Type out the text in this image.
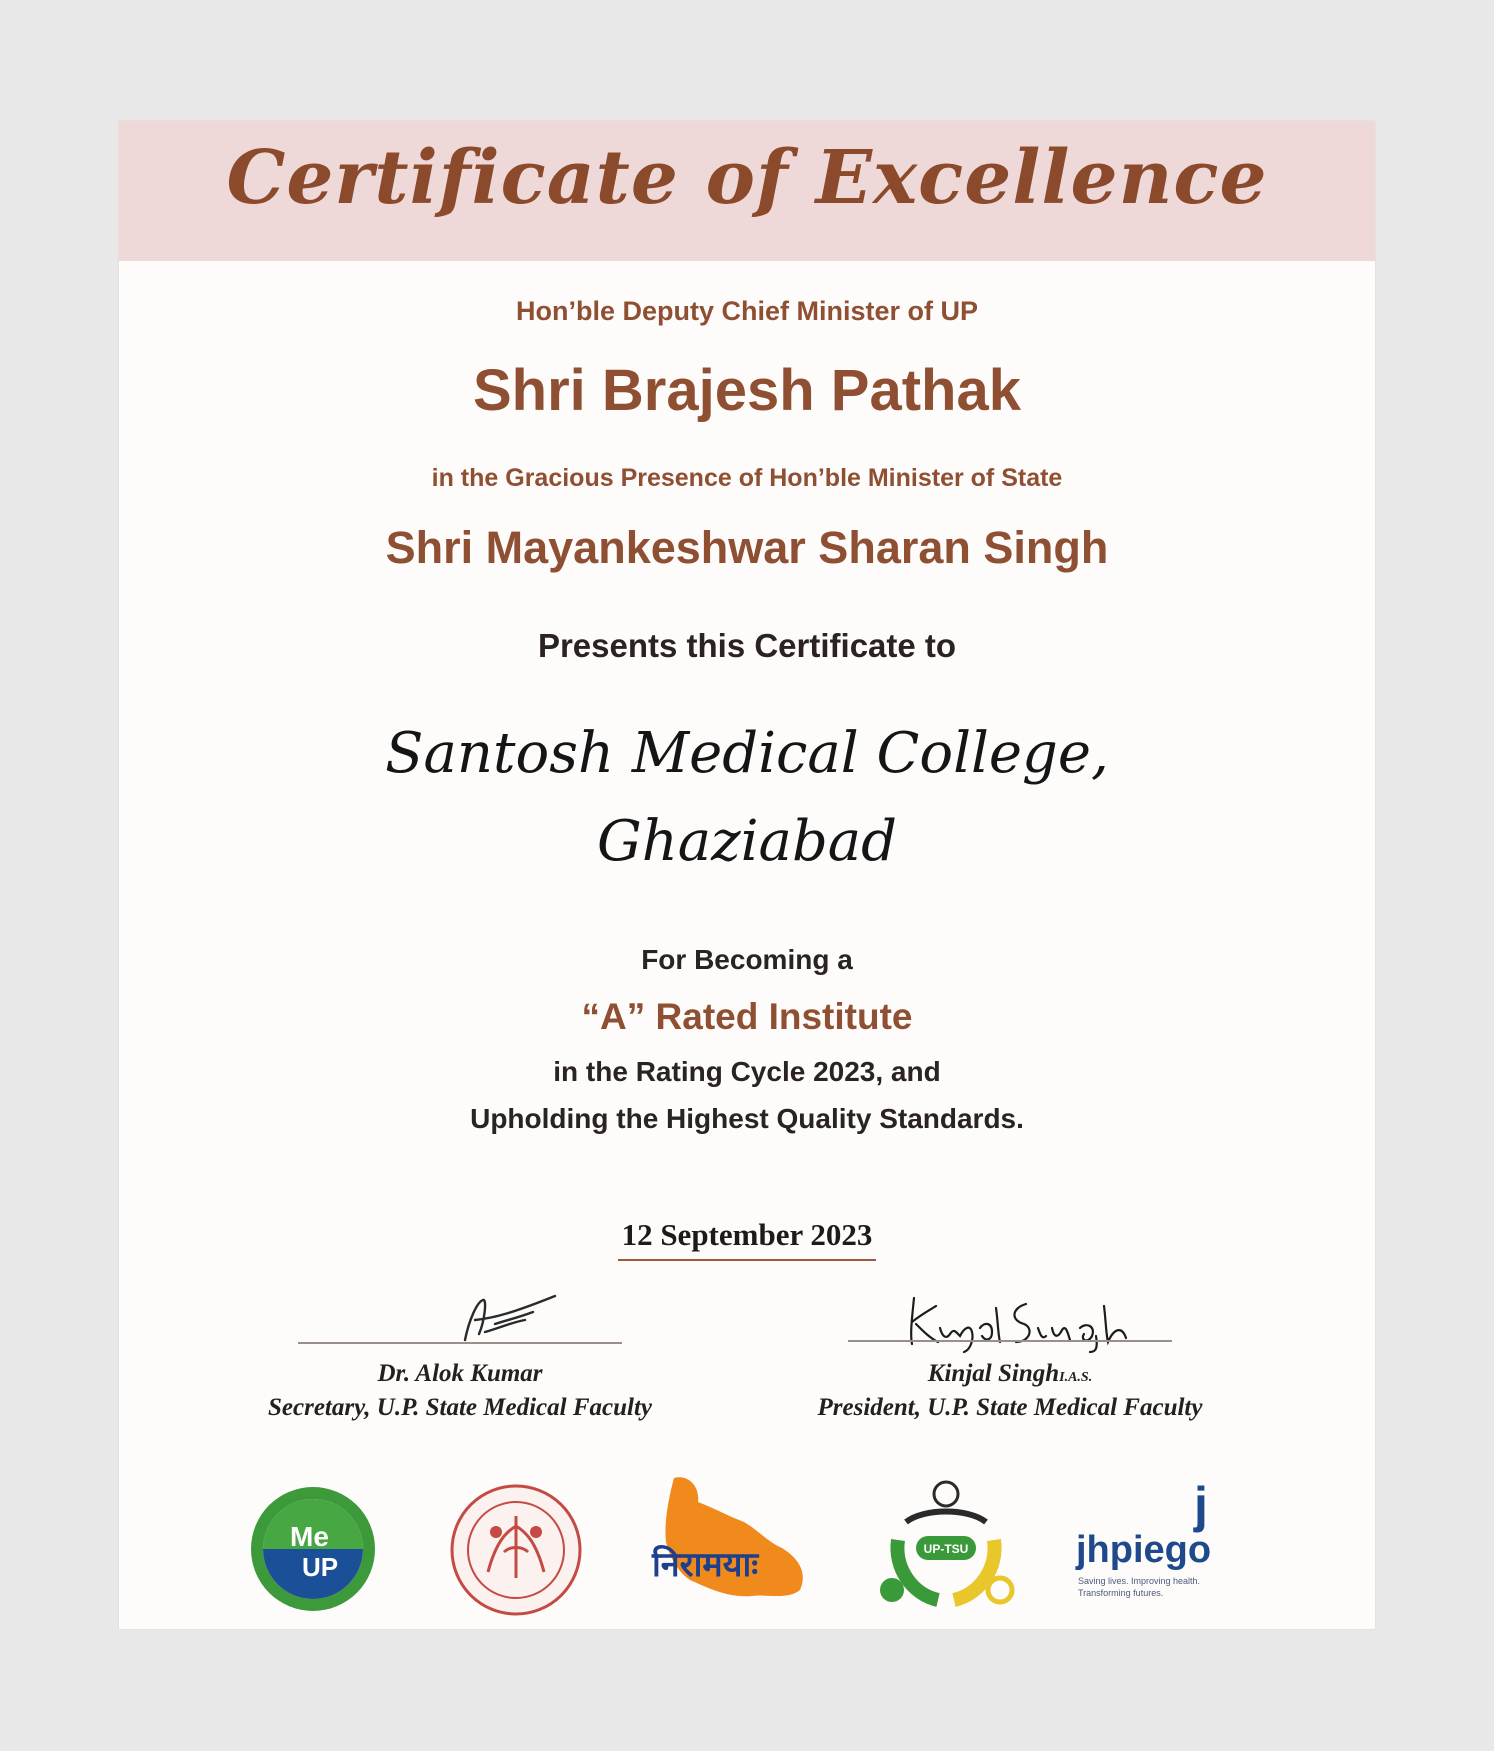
Certificate of Excellence
Hon’ble Deputy Chief Minister of UP
Shri Brajesh Pathak
in the Gracious Presence of Hon’ble Minister of State
Shri Mayankeshwar Sharan Singh
Presents this Certificate to
Santosh Medical College,
Ghaziabad
For Becoming a
“A” Rated Institute
in the Rating Cycle 2023, and
Upholding the Highest Quality Standards.
12 September 2023
Dr. Alok Kumar
Secretary, U.P. State Medical Faculty
Kinjal SinghI.A.S.
President, U.P. State Medical Faculty
Me
UP	निरामयाः	UP-TSU
j
jhpiego
Saving lives. Improving health.
Transforming futures.
